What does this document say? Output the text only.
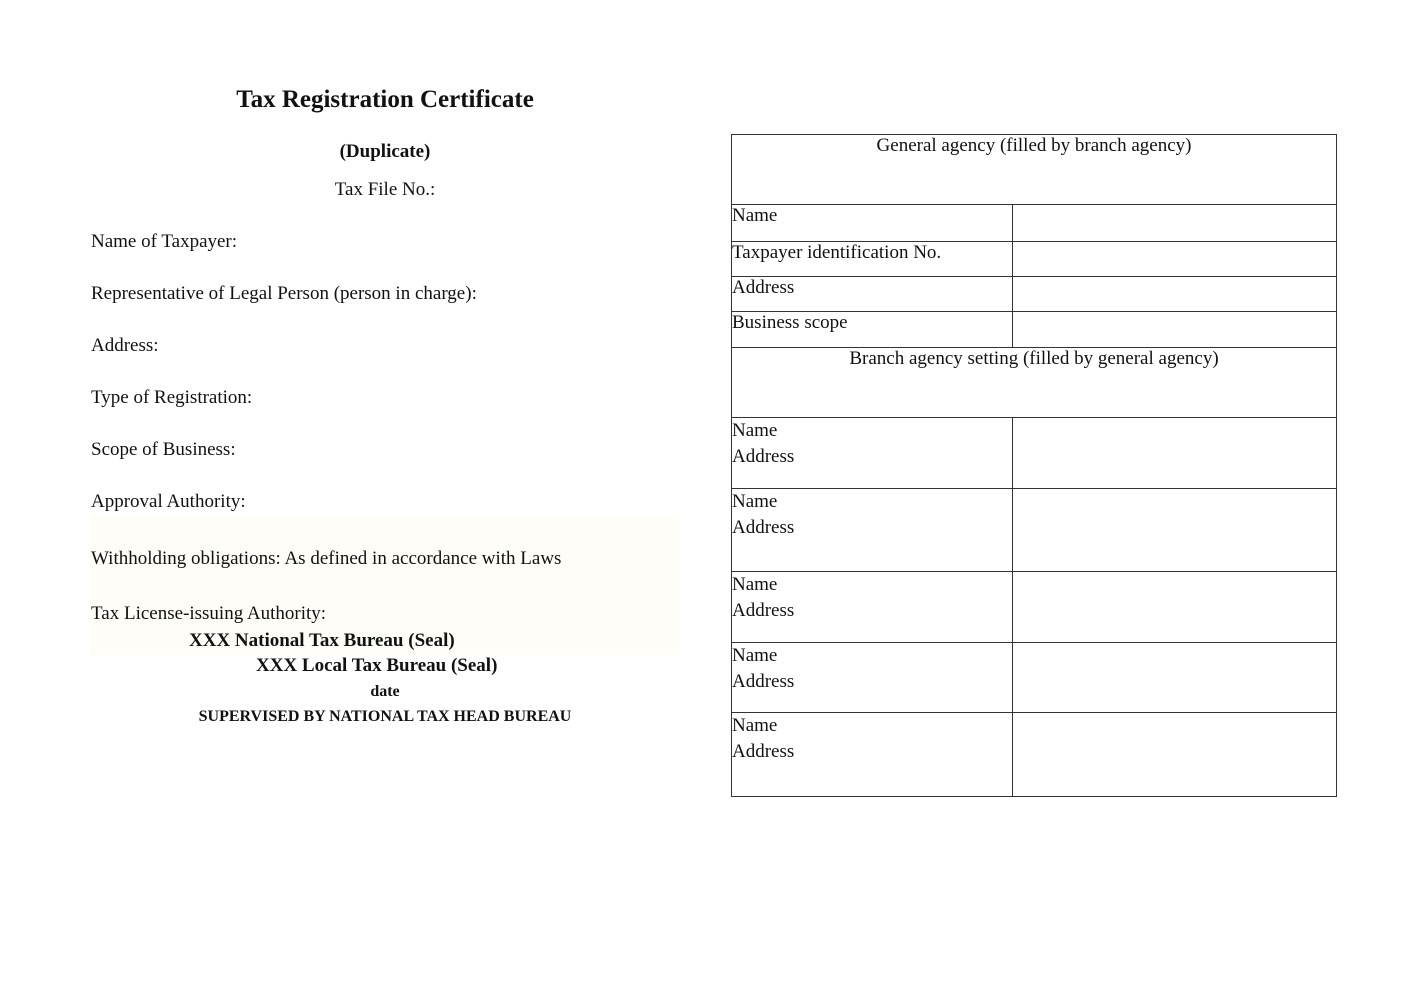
Tax Registration Certificate
(Duplicate)
Tax File No.:
Name of Taxpayer:
Representative of Legal Person (person in charge):
Address:
Type of Registration:
Scope of Business:
Approval Authority:
Withholding obligations: As defined in accordance with Laws
Tax License-issuing Authority:
XXX National Tax Bureau (Seal)
XXX Local Tax Bureau (Seal)
date
SUPERVISED BY NATIONAL TAX HEAD BUREAU
General agency (filled by branch agency)	
Name	
Taxpayer identification No.	
Address	
Business scope	
Branch agency setting (filled by general agency)	

Name
Address	

Name
Address	

Name
Address	

Name
Address	

Name
Address	
